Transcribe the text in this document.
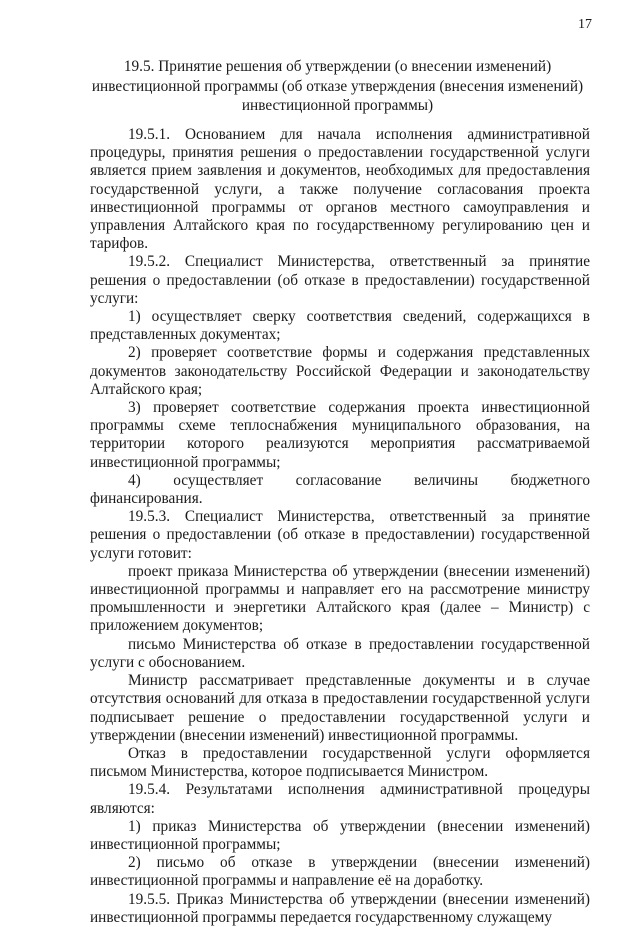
17
19.5. Принятие решения об утверждении (о внесении изменений) инвестиционной программы (об отказе утверждения (внесения изменений) инвестиционной программы)

19.5.1. Основанием для начала исполнения административной процедуры, принятия решения о предоставлении государственной услуги является прием заявления и документов, необходимых для предоставления государственной услуги, а также получение согласования проекта инвестиционной программы от органов местного самоуправления и управления Алтайского края по государственному регулированию цен и тарифов.

19.5.2. Специалист Министерства, ответственный за принятие решения о предоставлении (об отказе в предоставлении) государственной услуги:

1) осуществляет сверку соответствия сведений, содержащихся в представленных документах;

2) проверяет соответствие формы и содержания представленных документов законодательству Российской Федерации и законодательству Алтайского края;

3) проверяет соответствие содержания проекта инвестиционной программы схеме теплоснабжения муниципального образования, на территории которого реализуются мероприятия рассматриваемой инвестиционной программы;

4) осуществляет согласование величины бюджетного финансирования.

19.5.3. Специалист Министерства, ответственный за принятие решения о предоставлении (об отказе в предоставлении) государственной услуги готовит:

проект приказа Министерства об утверждении (внесении изменений) инвестиционной программы и направляет его на рассмотрение министру промышленности и энергетики Алтайского края (далее – Министр) с приложением документов;

письмо Министерства об отказе в предоставлении государственной услуги с обоснованием.

Министр рассматривает представленные документы и в случае отсутствия оснований для отказа в предоставлении государственной услуги подписывает решение о предоставлении государственной услуги и утверждении (внесении изменений) инвестиционной программы.

Отказ в предоставлении государственной услуги оформляется письмом Министерства, которое подписывается Министром.

19.5.4. Результатами исполнения административной процедуры являются:

1) приказ Министерства об утверждении (внесении изменений) инвестиционной программы;

2) письмо об отказе в утверждении (внесении изменений) инвестиционной программы и направление её на доработку.

19.5.5. Приказ Министерства об утверждении (внесении изменений) инвестиционной программы передается государственному служащему
